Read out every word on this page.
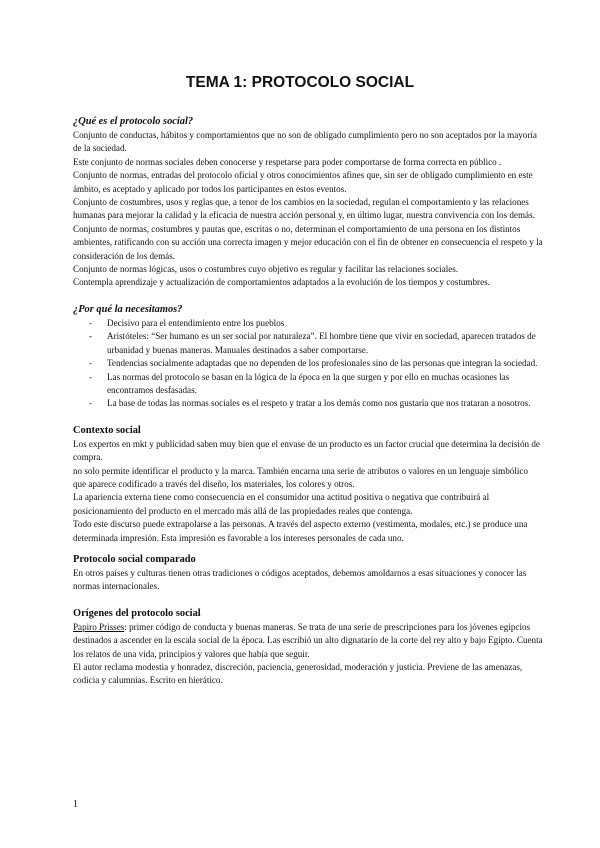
TEMA 1: PROTOCOLO SOCIAL
¿Qué es el protocolo social?

Conjunto de conductas, hábitos y comportamientos que no son de obligado cumplimiento pero no son aceptados por la mayoría de la sociedad.

Este conjunto de normas sociales deben conocerse y respetarse para poder comportarse de forma correcta en público .

Conjunto de normas, entradas del protocolo oficial y otros conocimientos afines que, sin ser de obligado cumplimiento en este ámbito, es aceptado y aplicado por todos los participantes en estos eventos.

Conjunto de costumbres, usos y reglas que, a tenor de los cambios en la sociedad, regulan el comportamiento y las relaciones humanas para mejorar la calidad y la eficacia de nuestra acción personal y, en último lugar, nuestra convivencia con los demás.

Conjunto de normas, costumbres y pautas que, escritas o no, determinan el comportamiento de una persona en los distintos ambientes, ratificando con su acción una correcta imagen y mejor educación con el fin de obtener en consecuencia el respeto y la consideración de los demás.

Conjunto de normas lógicas, usos o costumbres cuyo objetivo es regular y facilitar las relaciones sociales.

Contempla aprendizaje y actualización de comportamientos adaptados a la evolución de los tiempos y costumbres.

¿Por qué la necesitamos?
- Decisivo para el entendimiento entre los pueblos
- Aristóteles: “Ser humano es un ser social por naturaleza”. El hombre tiene que vivir en sociedad, aparecen tratados de urbanidad y buenas maneras. Manuales destinados a saber comportarse.
- Tendencias socialmente adaptadas que no dependen de los profesionales sino de las personas que integran la sociedad.
- Las normas del protocolo se basan en la lógica de la época en la que surgen y por ello en muchas ocasiones las encontramos desfasadas.
- La base de todas las normas sociales es el respeto y tratar a los demás como nos gustaría que nos trataran a nosotros.
Contexto social

Los expertos en mkt y publicidad saben muy bien que el envase de un producto es un factor crucial que determina la decisión de compra.

no solo permite identificar el producto y la marca. También encarna una serie de atributos o valores en un lenguaje simbólico que aparece codificado a través del diseño, los materiales, los colores y otros.

La apariencia externa tiene como consecuencia en el consumidor una actitud positiva o negativa que contribuirá al posicionamiento del producto en el mercado más allá de las propiedades reales que contenga.

Todo este discurso puede extrapolarse a las personas. A través del aspecto externo (vestimenta, modales, etc.) se produce una determinada impresión. Esta impresión es favorable a los intereses personales de cada uno.

Protocolo social comparado

En otros países y culturas tienen otras tradiciones o códigos aceptados, debemos amoldarnos a esas situaciones y conocer las normas internacionales.

Orígenes del protocolo social

Papiro Prisses: primer código de conducta y buenas maneras. Se trata de una serie de prescripciones para los jóvenes egipcios destinados a ascender en la escala social de la época. Las escribió un alto dignatario de la corte del rey alto y bajo Egipto. Cuenta los relatos de una vida, principios y valores que había que seguir.

El autor reclama modestia y honradez, discreción, paciencia, generosidad, moderación y justicia. Previene de las amenazas, codicia y calumnias. Escrito en hierático.

1
